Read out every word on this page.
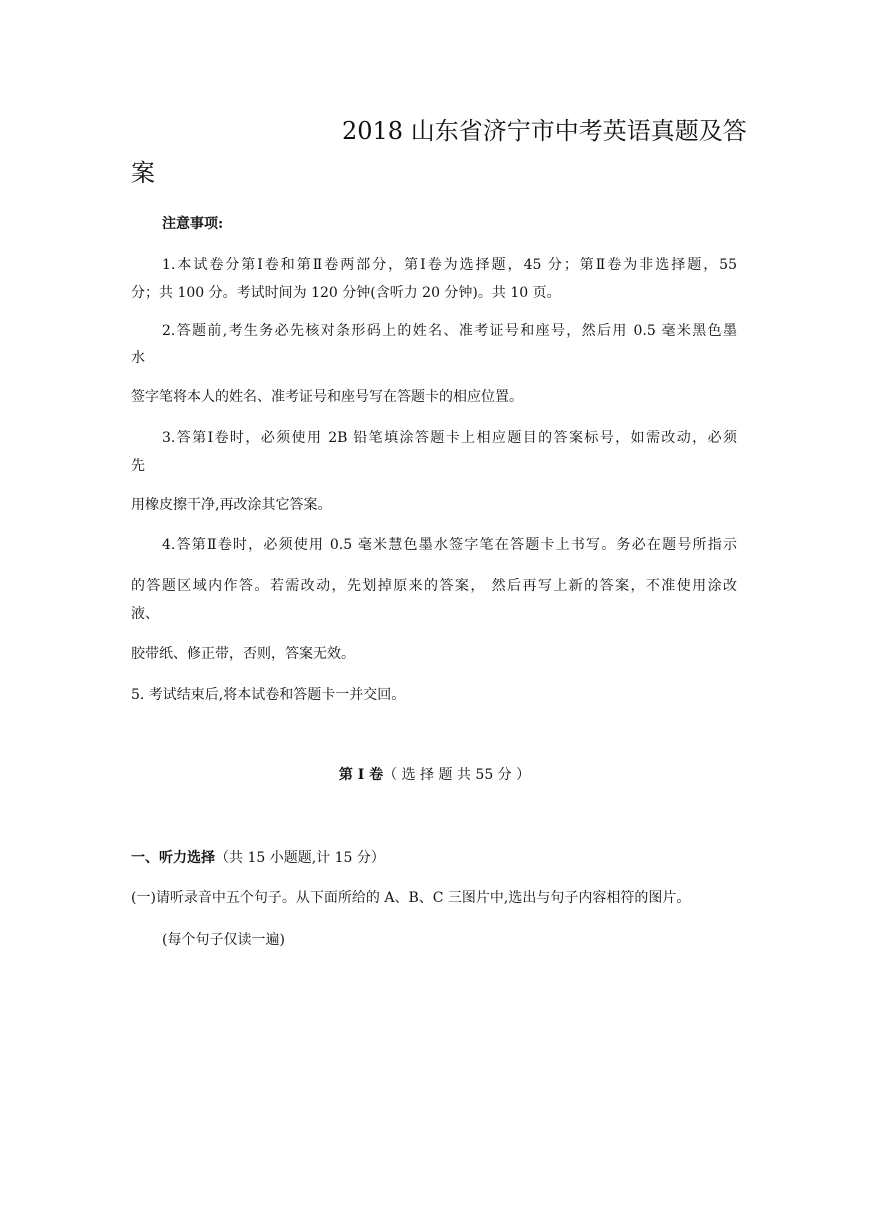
2018 山东省济宁市中考英语真题及答
案
注意事项:
1.本试卷分第Ⅰ卷和第Ⅱ卷两部分，第Ⅰ卷为选择题，45 分；第Ⅱ卷为非选择题，55
分；共 100 分。考试时间为 120 分钟(含听力 20 分钟)。共 10 页。
2.答题前,考生务必先核对条形码上的姓名、准考证号和座号，然后用 0.5 毫米黑色墨
水
签字笔将本人的姓名、准考证号和座号写在答题卡的相应位置。
3.答第Ⅰ卷时，必须使用 2B 铅笔填涂答题卡上相应题目的答案标号，如需改动，必须
先
用橡皮擦干净,再改涂其它答案。
4.答第Ⅱ卷时，必须使用 0.5 毫米慧色墨水签字笔在答题卡上书写。务必在题号所指示
的答题区域内作答。若需改动，先划掉原来的答案， 然后再写上新的答案，不准使用涂改
液、
胶带纸、修正带，否则，答案无效。
5. 考试结束后,将本试卷和答题卡一并交回。
第 Ⅰ 卷（ 选 择 题 共 55 分 ）
一、听力选择（共 15 小题题,计 15 分）
(一)请听录音中五个句子。从下面所给的 A、B、C 三图片中,选出与句子内容相符的图片。
(每个句子仅读一遍)
